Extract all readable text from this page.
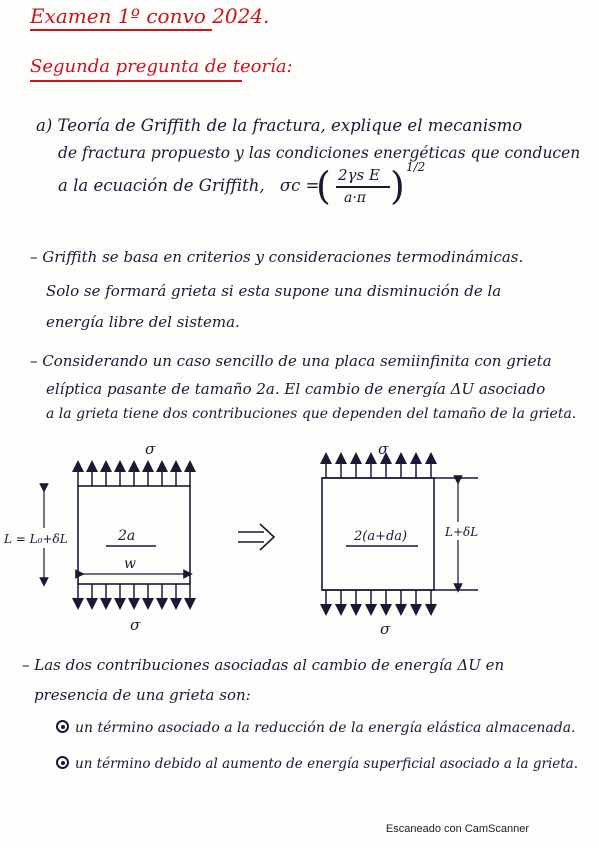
Examen 1º convo 2024.
Segunda pregunta de teoría:
a) Teoría de Griffith de la fractura, explique el mecanismo
de fractura propuesto y las condiciones energéticas que conducen
a la ecuación de Griffith, σc =
( 2γs E
a·π ) 1/2
– Griffith se basa en criterios y consideraciones termodinámicas.
Solo se formará grieta si esta supone una disminución de la
energía libre del sistema.
– Considerando un caso sencillo de una placa semiinfinita con grieta
elíptica pasante de tamaño 2a. El cambio de energía ΔU asociado
a la grieta tiene dos contribuciones que dependen del tamaño de la grieta.
σ
2a
w
L = L₀+δL
σ
σ
2(a+da)	L+δL
σ
– Las dos contribuciones asociadas al cambio de energía ΔU en
presencia de una grieta son:
un término asociado a la reducción de la energía elástica almacenada.
un término debido al aumento de energía superficial asociado a la grieta.
Escaneado con CamScanner
